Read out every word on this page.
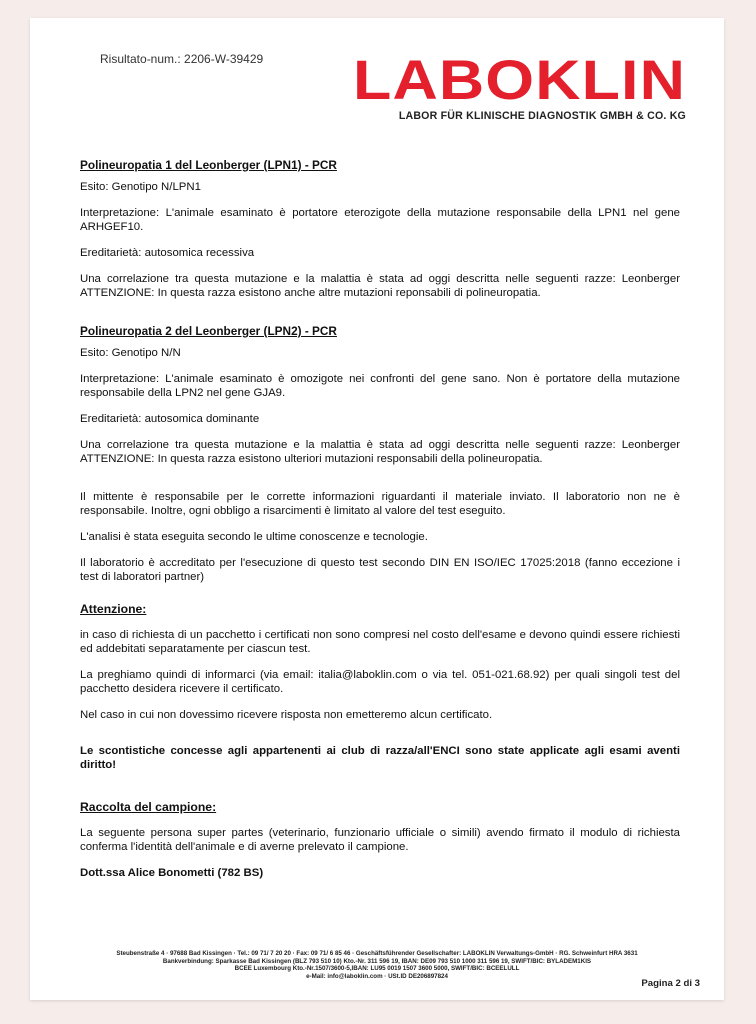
Risultato-num.: 2206-W-39429 LABOKLIN
LABOR FÜR KLINISCHE DIAGNOSTIK GMBH & CO. KG
Polineuropatia 1 del Leonberger (LPN1) - PCR

Esito: Genotipo N/LPN1

Interpretazione: L'animale esaminato è portatore eterozigote della mutazione responsabile della LPN1 nel gene ARHGEF10.

Ereditarietà: autosomica recessiva

Una correlazione tra questa mutazione e la malattia è stata ad oggi descritta nelle seguenti razze: Leonberger ATTENZIONE: In questa razza esistono anche altre mutazioni reponsabili di polineuropatia.

Polineuropatia 2 del Leonberger (LPN2) - PCR

Esito: Genotipo N/N

Interpretazione: L'animale esaminato è omozigote nei confronti del gene sano. Non è portatore della mutazione responsabile della LPN2 nel gene GJA9.

Ereditarietà: autosomica dominante

Una correlazione tra questa mutazione e la malattia è stata ad oggi descritta nelle seguenti razze: Leonberger ATTENZIONE: In questa razza esistono ulteriori mutazioni responsabili della polineuropatia.

Il mittente è responsabile per le corrette informazioni riguardanti il materiale inviato. Il laboratorio non ne è responsabile. Inoltre, ogni obbligo a risarcimenti è limitato al valore del test eseguito.

L'analisi è stata eseguita secondo le ultime conoscenze e tecnologie.

Il laboratorio è accreditato per l'esecuzione di questo test secondo DIN EN ISO/IEC 17025:2018 (fanno eccezione i test di laboratori partner)

Attenzione:

in caso di richiesta di un pacchetto i certificati non sono compresi nel costo dell'esame e devono quindi essere richiesti ed addebitati separatamente per ciascun test.

La preghiamo quindi di informarci (via email: italia@laboklin.com o via tel. 051-021.68.92) per quali singoli test del pacchetto desidera ricevere il certificato.

Nel caso in cui non dovessimo ricevere risposta non emetteremo alcun certificato.

Le scontistiche concesse agli appartenenti ai club di razza/all'ENCI sono state applicate agli esami aventi diritto!

Raccolta del campione:

La seguente persona super partes (veterinario, funzionario ufficiale o simili) avendo firmato il modulo di richiesta conferma l'identità dell'animale e di averne prelevato il campione.

Dott.ssa Alice Bonometti (782 BS)

Steubenstraße 4 · 97688 Bad Kissingen · Tel.: 09 71/ 7 20 20 · Fax: 09 71/ 6 85 46 · Geschäftsführender Gesellschafter: LABOKLIN Verwaltungs-GmbH · RG. Schweinfurt HRA 3631
Bankverbindung: Sparkasse Bad Kissingen (BLZ 793 510 10) Kto.-Nr. 311 596 19, IBAN: DE09 793 510 1000 311 596 19, SWIFT/BIC: BYLADEM1KIS
BCEE Luxembourg Kto.-Nr.1507/3600-5,IBAN: LU95 0019 1507 3600 5000, SWIFT/BIC: BCEELULL
e-Mail: info@laboklin.com · USt.ID DE206897824
Pagina 2 di 3
